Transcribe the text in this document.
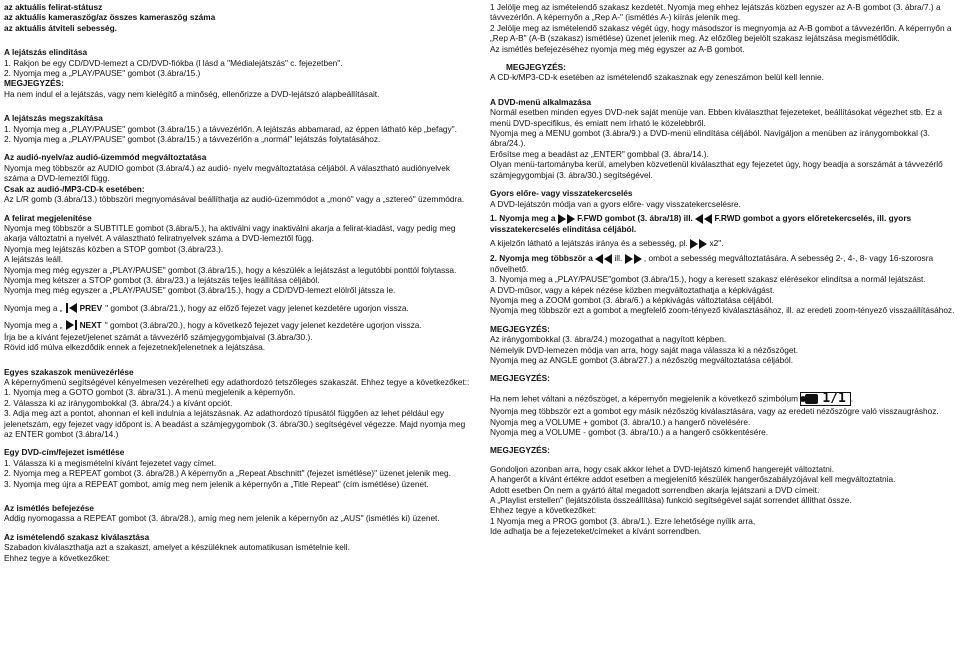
az aktuális felirat-státusz
az aktuális kameraszög/az összes kameraszög száma
az aktuális átviteli sebesség.
A lejátszás elindítása
1. Rakjon be egy CD/DVD-lemezt a CD/DVD-fiókba (l lásd a "Médialejátszás" c. fejezetben".
2. Nyomja meg a „PLAY/PAUSE" gombot (3.ábra/15.)
MEGJEGYZÉS:
Ha nem indul el a lejátszás, vagy nem kielégítő a minőség, ellenőrizze a DVD-lejátszó alapbeállításait.
A lejátszás megszakítása
1. Nyomja meg a „PLAY/PAUSE" gombot (3.ábra/15.) a távvezérlőn. A lejátszás abbamarad, az éppen látható kép „befagy".
2. Nyomja meg a „PLAY/PAUSE" gombot (3.ábra/15.) a távvezérlőn a „normál" lejátszás folytatásához.
Az audió-nyelv/az audió-üzemmód megváltoztatása
Nyomja meg többször az AUDIO gombot (3.ábra/4.) az audió- nyelv megváltoztatása céljából. A választható audiónyelvek száma a DVD-lemeztől függ.
Csak az audió-/MP3-CD-k esetében:
Az L/R gomb (3.ábra/13.) többszöri megnyomásával beállíthatja az audió-üzemmódot a „monó" vagy a „sztereó" üzemmódra.
A felirat megjelenítése
Nyomja meg többször a SUBTITLE gombot (3.ábra/5.), ha aktiválni vagy inaktiválni akarja a felirat-kiadást, vagy pedig meg akarja változtatni a nyelvét. A választható feliratnyelvek száma a DVD-lemeztől függ.
Nyomja meg lejátszás közben a STOP gombot (3.ábra/23.).
A lejátszás leáll.
Nyomja meg még egyszer a „PLAY/PAUSE" gombot (3.ábra/15.), hogy a készülék a lejátszást a legutóbbi ponttól folytassa.
Nyomja meg kétszer a STOP gombot (3. ábra/23.) a lejátszás teljes leállítása céljából.
Nyomja meg még egyszer a „PLAY/PAUSE" gombot (3.ábra/15.), hogy a CD/DVD-lemezt elölről játssza le.
Nyomja meg a „ PREV " gombot (3.ábra/21.), hogy az előző fejezet vagy jelenet kezdetére ugorjon vissza.
Nyomja meg a „ NEXT " gombot (3.ábra/20.), hogy a következő fejezet vagy jelenet kezdetére ugorjon vissza.
Írja be a kívánt fejezet/jelenet számát a távvezérlő számjegygombjaival (3.ábra/30.).
Rövid idő múlva elkezdődik ennek a fejezetnek/jelenetnek a lejátszása.
Egyes szakaszok menüvezérlése
A képernyőmenü segítségével kényelmesen vezérelheti egy adathordozó tetszőleges szakaszát. Ehhez tegye a következőket::
1. Nyomja meg a GOTO gombot (3. ábra/31.). A menü megjelenik a képernyőn.
2. Válassza ki az iránygombokkal (3. ábra/24.) a kívánt opciót.
3. Adja meg azt a pontot, ahonnan el kell indulnia a lejátszásnak. Az adathordozó típusától függően az lehet például egy jelenetszám, egy fejezet vagy időpont is. A beadást a számjegygombok (3. ábra/30.) segítségével végezze. Majd nyomja meg az ENTER gombot (3.ábra/14.)
Egy DVD-cím/fejezet ismétlése
1. Válassza ki a megismételni kívánt fejezetet vagy címet.
2. Nyomja meg a REPEAT gombot (3. ábra/28.) A képernyőn a „Repeat Abschnitt" (fejezet ismétlése)" üzenet jelenik meg.
3. Nyomja meg újra a REPEAT gombot, amíg meg nem jelenik a képernyőn a „Title Repeat" (cím ismétlése) üzenet.
Az ismétlés befejezése
Addig nyomogassa a REPEAT gombot (3. ábra/28.), amíg meg nem jelenik a képernyőn az „AUS" (ismétlés ki) üzenet.
Az ismételendő szakasz kiválasztása
Szabadon kiválaszthatja azt a szakaszt, amelyet a készüléknek automatikusan ismételnie kell.
Ehhez tegye a következőket:
1 Jelölje meg az ismételendő szakasz kezdetét. Nyomja meg ehhez lejátszás közben egyszer az A-B gombot (3. ábra/7.) a távvezérlőn. A képernyőn a „Rep A-" (ismétlés A-) kiírás jelenik meg.
2 Jelölje meg az ismételendő szakasz végét úgy, hogy másodszor is megnyomja az A-B gombot a távvezérlőn. A képernyőn a „Rep A-B" (A-B (szakasz) ismétlése) üzenet jelenik meg. Az előzőleg bejelölt szakasz lejátszása megismétlődik.
Az ismétlés befejezéséhez nyomja meg még egyszer az A-B gombot.
MEGJEGYZÉS:
A CD-k/MP3-CD-k esetében az ismételendő szakasznak egy zeneszámon belül kell lennie.
A DVD-menü alkalmazása
Normál esetben minden egyes DVD-nek saját menüje van. Ebben kiválaszthat fejezeteket, beállításokat végezhet stb. Ez a menü DVD-specifikus, és emiatt nem írható le közelebbről.
Nyomja meg a MENU gombot (3.ábra/9.) a DVD-menü elindítása céljából. Navigáljon a menüben az iránygombokkal (3. ábra/24.).
Erősítse meg a beadást az „ENTER" gombbal (3. ábra/14.).
Olyan menü-tartományba kerül, amelyben közvetlenül kiválaszthat egy fejezetet úgy, hogy beadja a sorszámát a távvezérlő számjegygombjai (3. ábra/30.) segítségével.
Gyors előre- vagy visszatekercselés
A DVD-lejátszón módja van a gyors előre- vagy visszatekercselésre.
1. Nyomja meg a	F.FWD gombot (3. ábra/18) ill.	F.RWD gombot a gyors előretekercselés, ill. gyors visszatekercselés elindítása céljából.
A kijelzőn látható a lejátszás iránya és a sebesség, pl.	x2".
2. Nyomja meg többször a	ill.	, ombot a sebesség megváltoztatására. A sebesség 2-, 4-, 8- vagy 16-szorosra nővelhető.
3. Nyomja meg a „PLAY/PAUSE"gombot (3.ábra/15.), hogy a keresett szakasz elérésekor elindítsa a normál lejátszást.
A DVD-műsor, vagy a képek nézése közben megváltoztathatja a képkivágást.
Nyomja meg a ZOOM gombot (3. ábra/6.) a képkivágás változtatása céljából.
Nyomja meg többször ezt a gombot a megfelelő zoom-tényező kiválasztásához, ill. az eredeti zoom-tényező visszaállításához.
MEGJEGYZÉS:
Az iránygombokkal (3. ábra/24.) mozogathat a nagyított képben.
Némelyik DVD-lemezen módja van arra, hogy saját maga válassza ki a nézőszöget.
Nyomja meg az ANGLE gombot (3.ábra/27.) a nézőszög megváltoztatása céljából.
MEGJEGYZÉS:
Ha nem lehet váltani a nézőszöget, a képernyőn megjelenik a következő szimbólum 1/1 .
Nyomja meg többször ezt a gombot egy másik nézőszög kiválasztására, vagy az eredeti nézőszögre való visszaugráshoz.
Nyomja meg a VOLUME + gombot (3. ábra/10.) a hangerő növelésére.
Nyomja meg a VOLUME - gombot (3. ábra/10.) a a hangerő csökkentésére.
MEGJEGYZÉS:
Gondoljon azonban arra, hogy csak akkor lehet a DVD-lejátszó kimenő hangerejét változtatni.
A hangerőt a kívánt értékre addot esetben a megjelenítő készülék hangerőszabályzójával kell megváltoztatnia.
Adott esetben Ön nem a gyártó által megadott sorrendben akarja lejátszani a DVD címeit.
A „Playlist erstellen" (lejátszólista összeállítása) funkció segítségével saját sorrendet állíthat össze.
Ehhez tegye a következőket:
1 Nyomja meg a PROG gombot (3. ábra/1.). Ezre lehetősége nyílik arra,
Ide adhatja be a fejezeteket/címeket a kívánt sorrendben.
